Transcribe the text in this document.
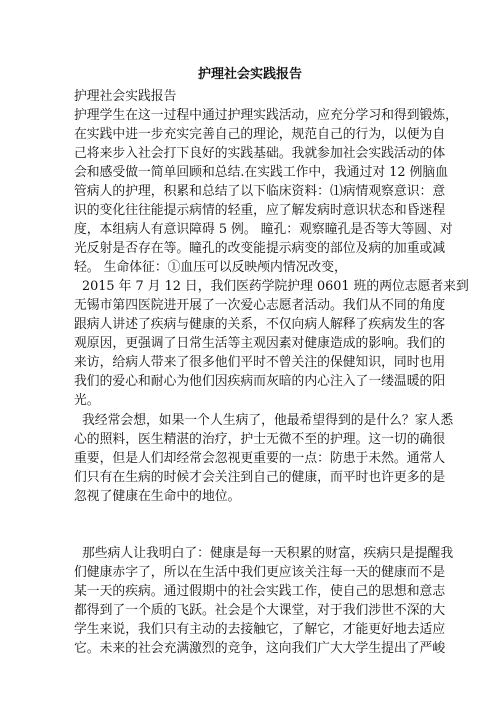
护理社会实践报告
护理社会实践报告
护理学生在这一过程中通过护理实践活动，应充分学习和得到锻炼，
在实践中进一步充实完善自己的理论，规范自己的行为，以便为自
己将来步入社会打下良好的实践基础。我就参加社会实践活动的体
会和感受做一简单回顾和总结.在实践工作中，我通过对 12 例脑血
管病人的护理，积累和总结了以下临床资料：⑴病情观察意识：意
识的变化往往能提示病情的轻重，应了解发病时意识状态和昏迷程
度，本组病人有意识障碍 5 例。 瞳孔：观察瞳孔是否等大等圆、对
光反射是否存在等。瞳孔的改变能提示病变的部位及病的加重或减
轻。 生命体征：①血压可以反映颅内情况改变，
2015 年 7 月 12 日，我们医药学院护理 0601 班的两位志愿者来到
无锡市第四医院进开展了一次爱心志愿者活动。我们从不同的角度
跟病人讲述了疾病与健康的关系，不仅向病人解释了疾病发生的客
观原因，更强调了日常生活等主观因素对健康造成的影响。我们的
来访，给病人带来了很多他们平时不曾关注的保健知识，同时也用
我们的爱心和耐心为他们因疾病而灰暗的内心注入了一缕温暖的阳
光。
我经常会想，如果一个人生病了，他最希望得到的是什么？家人悉
心的照料，医生精湛的治疗，护士无微不至的护理。这一切的确很
重要，但是人们却经常会忽视更重要的一点：防患于未然。通常人
们只有在生病的时候才会关注到自己的健康，而平时也许更多的是
忽视了健康在生命中的地位。
那些病人让我明白了：健康是每一天积累的财富，疾病只是提醒我
们健康赤字了，所以在生活中我们更应该关注每一天的健康而不是
某一天的疾病。通过假期中的社会实践工作，使自己的思想和意志
都得到了一个质的飞跃。社会是个大课堂，对于我们涉世不深的大
学生来说，我们只有主动的去接触它，了解它，才能更好地去适应
它。未来的社会充满激烈的竞争，这向我们广大大学生提出了严峻
